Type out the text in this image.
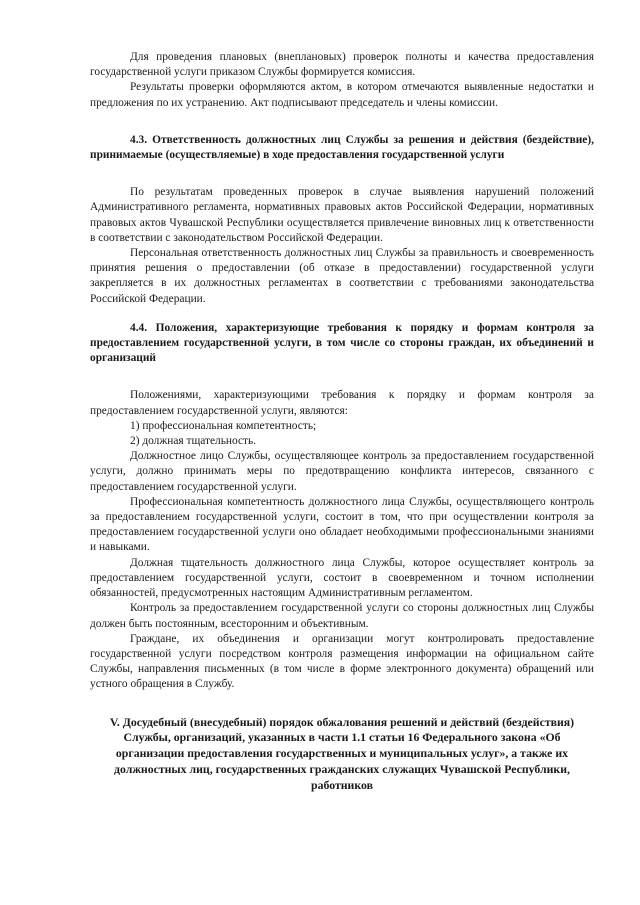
Для проведения плановых (внеплановых) проверок полноты и качества предоставления государственной услуги приказом Службы формируется комиссия.

Результаты проверки оформляются актом, в котором отмечаются выявленные недостатки и предложения по их устранению. Акт подписывают председатель и члены комиссии.

4.3. Ответственность должностных лиц Службы за решения и действия (бездействие), принимаемые (осуществляемые) в ходе предоставления государственной услуги

По результатам проведенных проверок в случае выявления нарушений положений Административного регламента, нормативных правовых актов Российской Федерации, нормативных правовых актов Чувашской Республики осуществляется привлечение виновных лиц к ответственности в соответствии с законодательством Российской Федерации.

Персональная ответственность должностных лиц Службы за правильность и своевременность принятия решения о предоставлении (об отказе в предоставлении) государственной услуги закрепляется в их должностных регламентах в соответствии с требованиями законодательства Российской Федерации.

4.4. Положения, характеризующие требования к порядку и формам контроля за предоставлением государственной услуги, в том числе со стороны граждан, их объединений и организаций

Положениями, характеризующими требования к порядку и формам контроля за предоставлением государственной услуги, являются:

1) профессиональная компетентность;

2) должная тщательность.

Должностное лицо Службы, осуществляющее контроль за предоставлением государственной услуги, должно принимать меры по предотвращению конфликта интересов, связанного с предоставлением государственной услуги.

Профессиональная компетентность должностного лица Службы, осуществляющего контроль за предоставлением государственной услуги, состоит в том, что при осуществлении контроля за предоставлением государственной услуги оно обладает необходимыми профессиональными знаниями и навыками.

Должная тщательность должностного лица Службы, которое осуществляет контроль за предоставлением государственной услуги, состоит в своевременном и точном исполнении обязанностей, предусмотренных настоящим Административным регламентом.

Контроль за предоставлением государственной услуги со стороны должностных лиц Службы должен быть постоянным, всесторонним и объективным.

Граждане, их объединения и организации могут контролировать предоставление государственной услуги посредством контроля размещения информации на официальном сайте Службы, направления письменных (в том числе в форме электронного документа) обращений или устного обращения в Службу.

V. Досудебный (внесудебный) порядок обжалования решений и действий (бездействия) Службы, организаций, указанных в части 1.1 статьи 16 Федерального закона «Об организации предоставления государственных и муниципальных услуг», а также их должностных лиц, государственных гражданских служащих Чувашской Республики, работников
